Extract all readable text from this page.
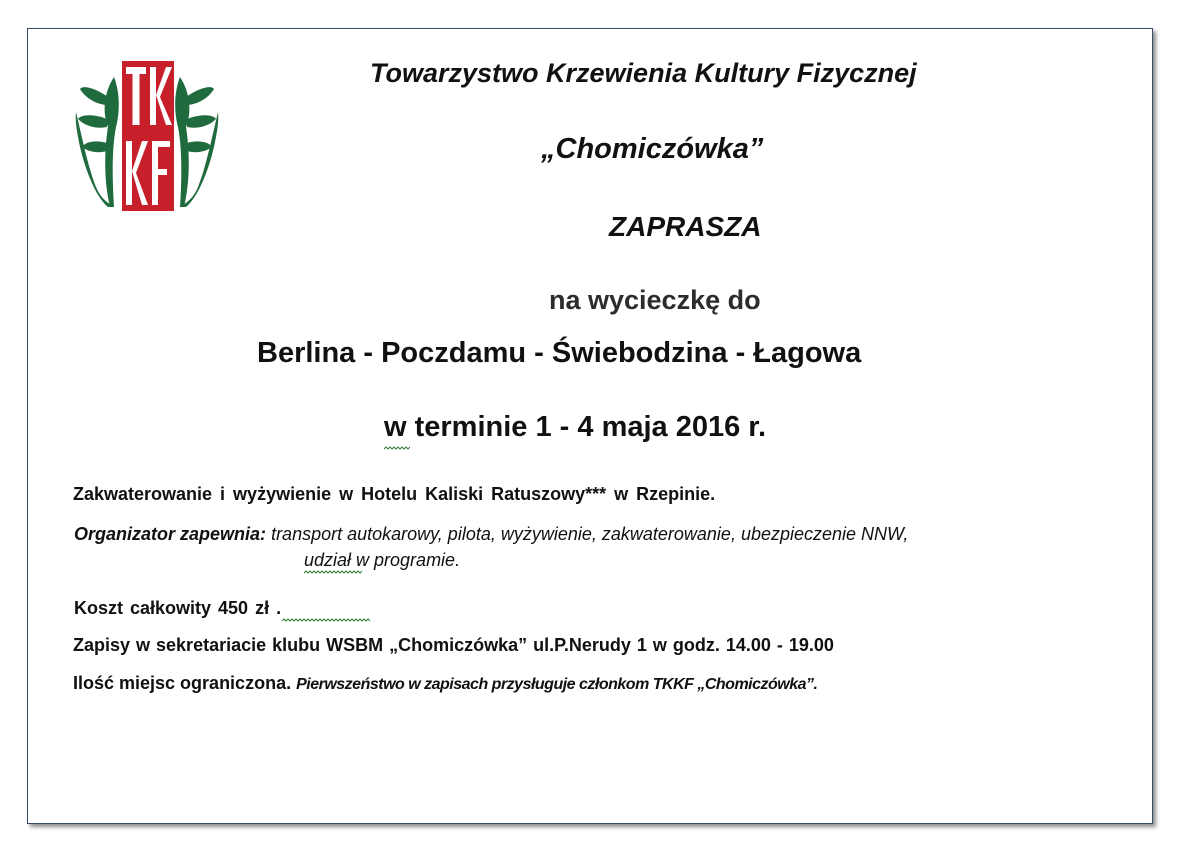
Towarzystwo Krzewienia Kultury Fizycznej
„Chomiczówka”
ZAPRASZA
na wycieczkę do
Berlina - Poczdamu - Świebodzina - Łagowa
w terminie 1 - 4 maja 2016 r.
Zakwaterowanie i wyżywienie w Hotelu Kaliski Ratuszowy*** w Rzepinie.
Organizator zapewnia: transport autokarowy, pilota, wyżywienie, zakwaterowanie, ubezpieczenie NNW,
udział w programie.
Koszt całkowity 450 zł .
Zapisy w sekretariacie klubu WSBM „Chomiczówka” ul.P.Nerudy 1 w godz. 14.00 - 19.00
Ilość miejsc ograniczona. Pierwszeństwo w zapisach przysługuje członkom TKKF „Chomiczówka”.
